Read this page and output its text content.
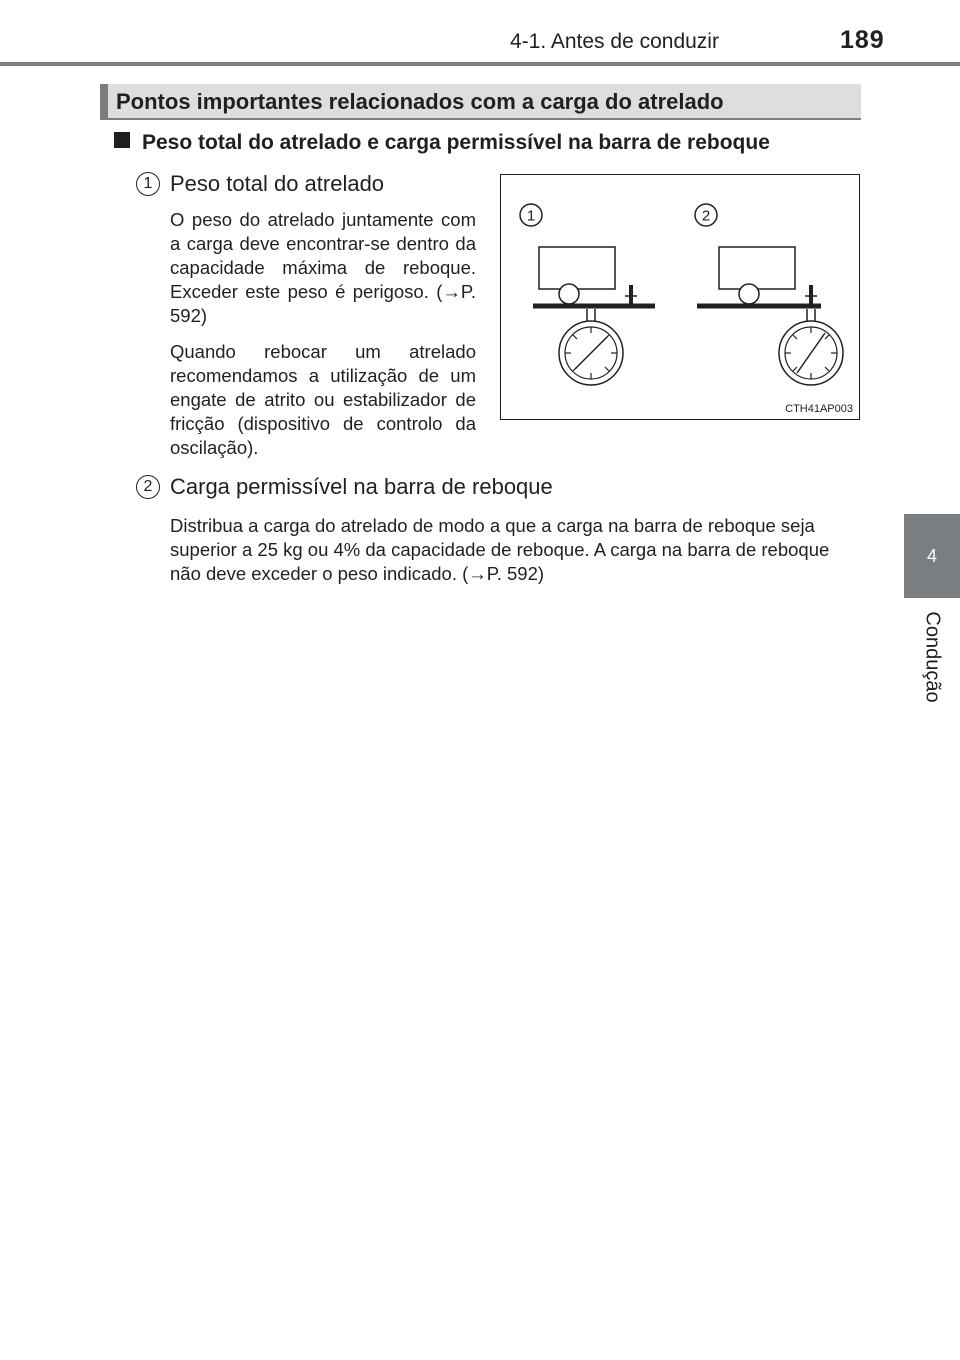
4-1. Antes de conduzir	189
4
Condução
Pontos importantes relacionados com a carga do atrelado
Peso total do atrelado e carga permissível na barra de reboque
1 Peso total do atrelado
O peso do atrelado juntamente com a carga deve encontrar-se dentro da capacidade máxima de reboque. Exceder este peso é perigoso. (→P. 592)
Quando rebocar um atrelado recomendamos a utilização de um engate de atrito ou estabilizador de fricção (dispositivo de controlo da oscilação).
1	2
CTH41AP003
2 Carga permissível na barra de reboque
Distribua a carga do atrelado de modo a que a carga na barra de reboque seja superior a 25 kg ou 4% da capacidade de reboque. A carga na barra de reboque não deve exceder o peso indicado. (→P. 592)
